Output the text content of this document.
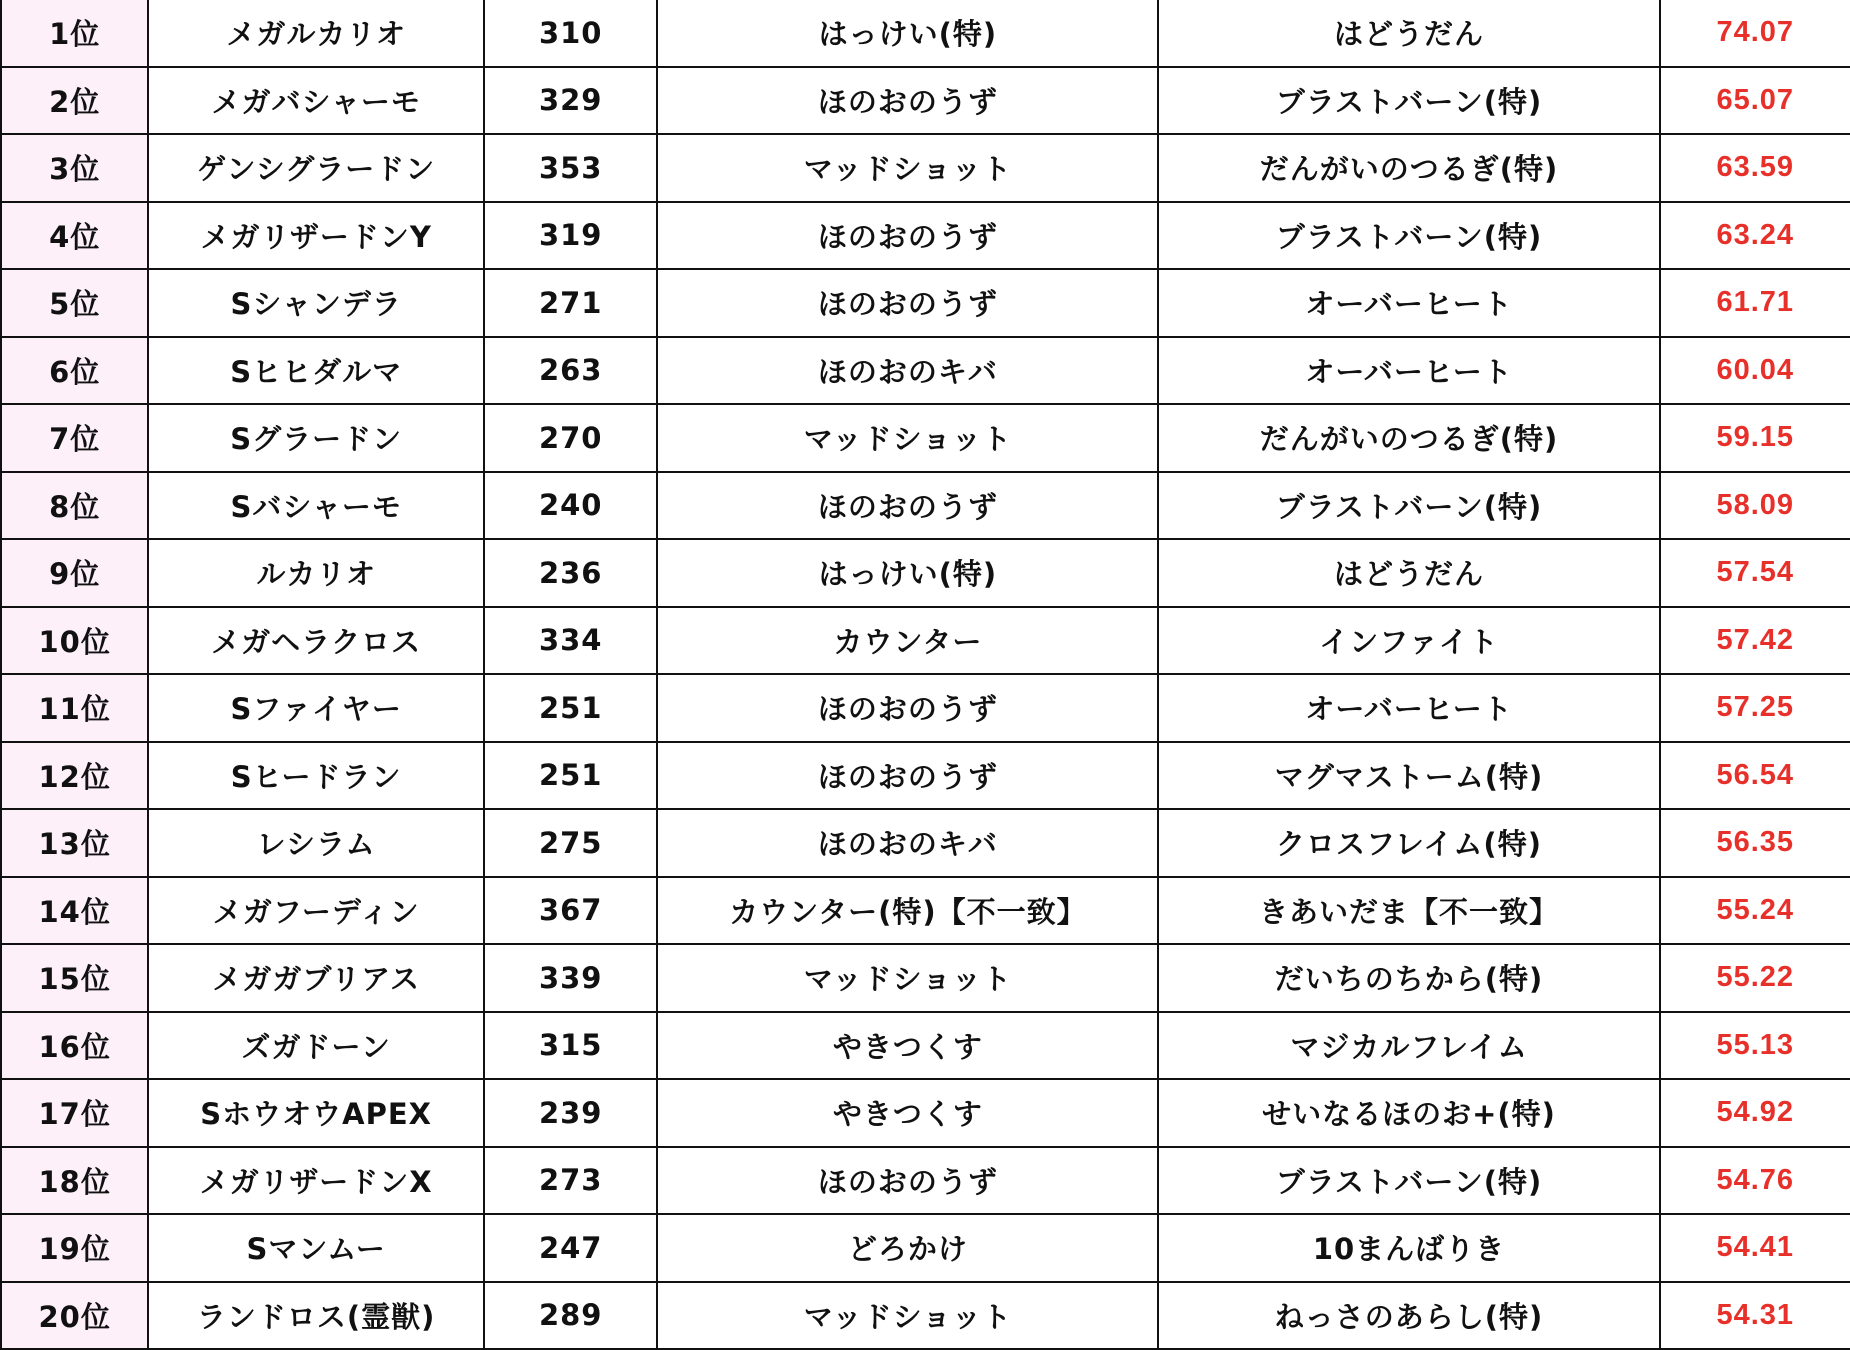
1位	メガルカリオ	310	はっけい(特)	はどうだん	74.07
2位	メガバシャーモ	329	ほのおのうず	ブラストバーン(特)	65.07
3位	ゲンシグラードン	353	マッドショット	だんがいのつるぎ(特)	63.59
4位	メガリザードンY	319	ほのおのうず	ブラストバーン(特)	63.24
5位	Sシャンデラ	271	ほのおのうず	オーバーヒート	61.71
6位	Sヒヒダルマ	263	ほのおのキバ	オーバーヒート	60.04
7位	Sグラードン	270	マッドショット	だんがいのつるぎ(特)	59.15
8位	Sバシャーモ	240	ほのおのうず	ブラストバーン(特)	58.09
9位	ルカリオ	236	はっけい(特)	はどうだん	57.54
10位	メガヘラクロス	334	カウンター	インファイト	57.42
11位	Sファイヤー	251	ほのおのうず	オーバーヒート	57.25
12位	Sヒードラン	251	ほのおのうず	マグマストーム(特)	56.54
13位	レシラム	275	ほのおのキバ	クロスフレイム(特)	56.35
14位	メガフーディン	367	カウンター(特)【不一致】	きあいだま【不一致】	55.24
15位	メガガブリアス	339	マッドショット	だいちのちから(特)	55.22
16位	ズガドーン	315	やきつくす	マジカルフレイム	55.13
17位	SホウオウAPEX	239	やきつくす	せいなるほのお+(特)	54.92
18位	メガリザードンX	273	ほのおのうず	ブラストバーン(特)	54.76
19位	Sマンムー	247	どろかけ	10まんばりき	54.41
20位	ランドロス(霊獣)	289	マッドショット	ねっさのあらし(特)	54.31
